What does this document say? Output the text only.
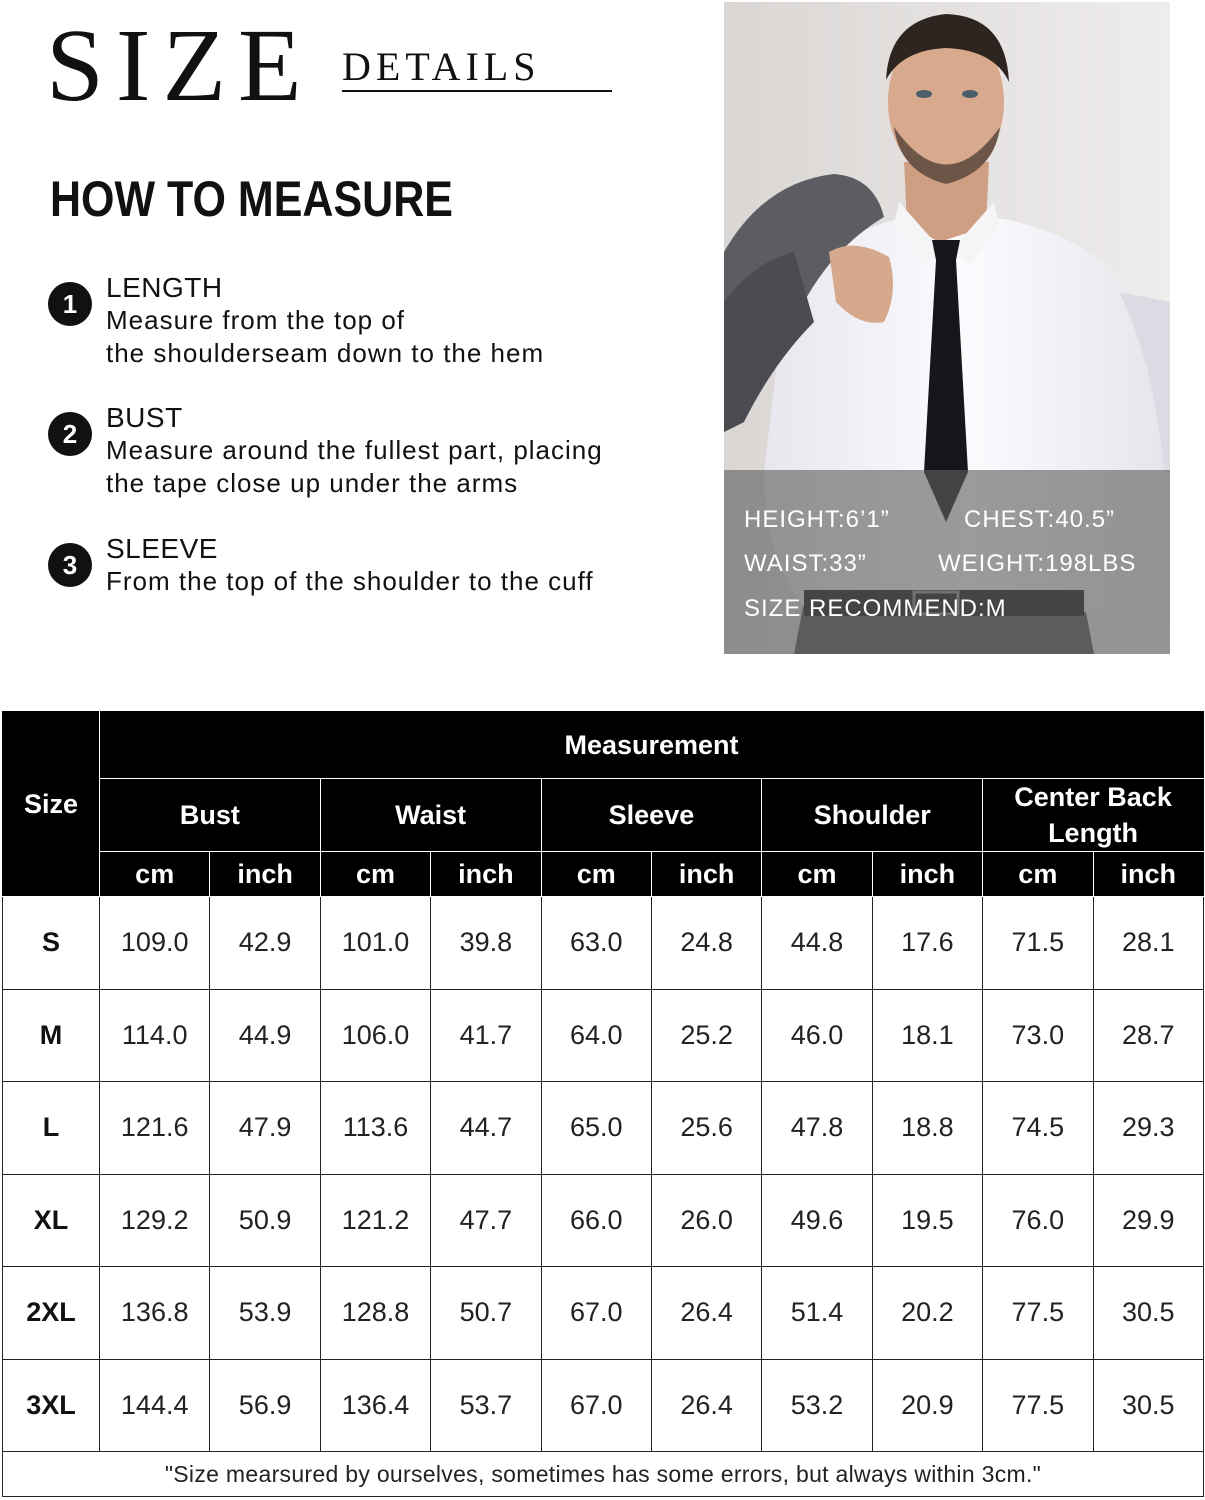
SIZE DETAILS
HOW TO MEASURE
1
LENGTH
Measure from the top of
the shoulderseam down to the hem
2
BUST
Measure around the fullest part, placing
the tape close up under the arms
3
SLEEVE
From the top of the shoulder to the cuff
HEIGHT:6’1”	CHEST:40.5”
WAIST:33”	WEIGHT:198LBS
SIZE RECOMMEND:M
Size	Measurement									
	Bust		Waist		Sleeve		Shoulder		Center Back Length	
	cm	inch	cm	inch	cm	inch	cm	inch	cm	inch
S	109.0	42.9	101.0	39.8	63.0	24.8	44.8	17.6	71.5	28.1
M	114.0	44.9	106.0	41.7	64.0	25.2	46.0	18.1	73.0	28.7
L	121.6	47.9	113.6	44.7	65.0	25.6	47.8	18.8	74.5	29.3
XL	129.2	50.9	121.2	47.7	66.0	26.0	49.6	19.5	76.0	29.9
2XL	136.8	53.9	128.8	50.7	67.0	26.4	51.4	20.2	77.5	30.5
3XL	144.4	56.9	136.4	53.7	67.0	26.4	53.2	20.9	77.5	30.5
"Size mearsured by ourselves, sometimes has some errors, but always within 3cm."										
